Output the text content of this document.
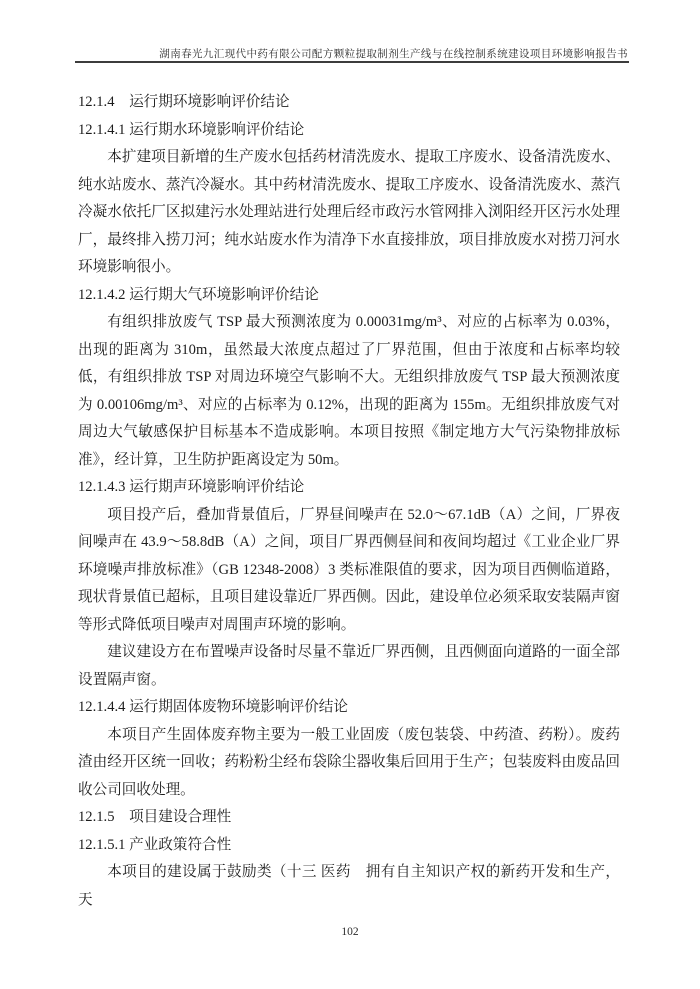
湖南春光九汇现代中药有限公司配方颗粒提取制剂生产线与在线控制系统建设项目环境影响报告书

12.1.4　运行期环境影响评价结论

12.1.4.1 运行期水环境影响评价结论

本扩建项目新增的生产废水包括药材清洗废水、提取工序废水、设备清洗废水、纯水站废水、蒸汽冷凝水。其中药材清洗废水、提取工序废水、设备清洗废水、蒸汽冷凝水依托厂区拟建污水处理站进行处理后经市政污水管网排入浏阳经开区污水处理厂，最终排入捞刀河；纯水站废水作为清净下水直接排放，项目排放废水对捞刀河水环境影响很小。

12.1.4.2 运行期大气环境影响评价结论

有组织排放废气 TSP 最大预测浓度为 0.00031mg/m³、对应的占标率为 0.03%，出现的距离为 310m，虽然最大浓度点超过了厂界范围，但由于浓度和占标率均较低，有组织排放 TSP 对周边环境空气影响不大。无组织排放废气 TSP 最大预测浓度为 0.00106mg/m³、对应的占标率为 0.12%，出现的距离为 155m。无组织排放废气对周边大气敏感保护目标基本不造成影响。本项目按照《制定地方大气污染物排放标准》，经计算，卫生防护距离设定为 50m。

12.1.4.3 运行期声环境影响评价结论

项目投产后，叠加背景值后，厂界昼间噪声在 52.0～67.1dB（A）之间，厂界夜间噪声在 43.9～58.8dB（A）之间，项目厂界西侧昼间和夜间均超过《工业企业厂界环境噪声排放标准》（GB 12348-2008）3 类标准限值的要求，因为项目西侧临道路，现状背景值已超标，且项目建设靠近厂界西侧。因此，建设单位必须采取安装隔声窗等形式降低项目噪声对周围声环境的影响。

建议建设方在布置噪声设备时尽量不靠近厂界西侧，且西侧面向道路的一面全部设置隔声窗。

12.1.4.4 运行期固体废物环境影响评价结论

本项目产生固体废弃物主要为一般工业固废（废包装袋、中药渣、药粉）。废药渣由经开区统一回收；药粉粉尘经布袋除尘器收集后回用于生产；包装废料由废品回收公司回收处理。

12.1.5　项目建设合理性

12.1.5.1 产业政策符合性

本项目的建设属于鼓励类（十三 医药　拥有自主知识产权的新药开发和生产，天

102
